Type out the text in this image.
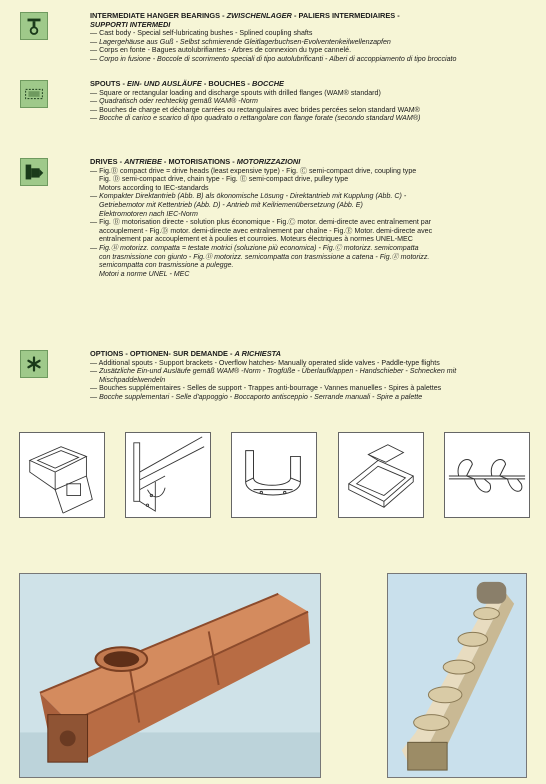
INTERMEDIATE HANGER BEARINGS - ZWISCHENLAGER - PALIERS INTERMEDIAIRES -
SUPPORTI INTERMEDI
— Cast body - Special self-lubricating bushes - Splined coupling shafts
— Lagergehäuse aus Guß - Selbst schmierende Gleitlagerbuchsen-Evolventenkeilwellenzapfen
— Corps en fonte - Bagues autolubrifiantes - Arbres de connexion du type cannelé.
— Corpo in fusione - Boccole di scorrimento speciali di tipo autolubrificanti - Alberi di accoppiamento di tipo brocciato
SPOUTS - EIN- UND AUSLÄUFE - BOUCHES - BOCCHE
— Square or rectangular loading and discharge spouts with drilled flanges (WAM® standard)
— Quadratisch oder rechteckig gemäß WAM® -Norm
— Bouches de charge et décharge carrées ou rectangulaires avec brides percées selon standard WAM®
— Bocche di carico e scarico di tipo quadrato o rettangolare con flange forate (secondo standard WAM®)
DRIVES - ANTRIEBE - MOTORISATIONS - MOTORIZZAZIONI
— Fig.Ⓑ compact drive = drive heads (least expensive type) - Fig. Ⓒ semi-compact drive, coupling type
Fig. Ⓓ semi-compact drive, chain type - Fig. Ⓔ semi-compact drive, pulley type
Motors according to IEC-standards
— Kompakter Direktantrieb (Abb. B) als ökonomische Lösung - Direktantrieb mit Kupplung (Abb. C) -
Getriebemotor mit Kettentrieb (Abb. D) - Antrieb mit Keilriemenübersetzung (Abb. E)
Elektromotoren nach IEC-Norm
— Fig. Ⓑ motorisation directe - solution plus économique - Fig.Ⓒ motor. demi-directe avec entraînement par
accouplement - Fig.Ⓓ motor. demi-directe avec entraînement par chaîne - Fig.Ⓔ Motor. demi-directe avec
entraînement par accouplement et à poulies et courroies. Moteurs électriques à normes UNEL-MEC
— Fig.Ⓑ motorizz. compatta = testate motrici (soluzione più economica) - Fig.Ⓒ motorizz. semicompatta
con trasmissione con giunto - Fig.Ⓓ motorizz. semicompatta con trasmissione a catena - Fig.Ⓔ motorizz.
semicompatta con trasmissione a pulegge.
Motori a norme UNEL - MEC
OPTIONS - OPTIONEN- SUR DEMANDE - A RICHIESTA
— Additional spouts - Support brackets - Overflow hatches- Manually operated slide valves - Paddle-type flights
— Zusätzliche Ein-und Ausläufe gemäß WAM® -Norm - Trogfüße - Überlaufklappen - Handschieber - Schnecken mit
Mischpaddelwendeln
— Bouches supplémentaires - Selles de support - Trappes anti-bourrage - Vannes manuelles - Spires à palettes
— Bocche supplementari - Selle d'appoggio - Boccaporto antisceppio - Serrande manuali - Spire a palette
